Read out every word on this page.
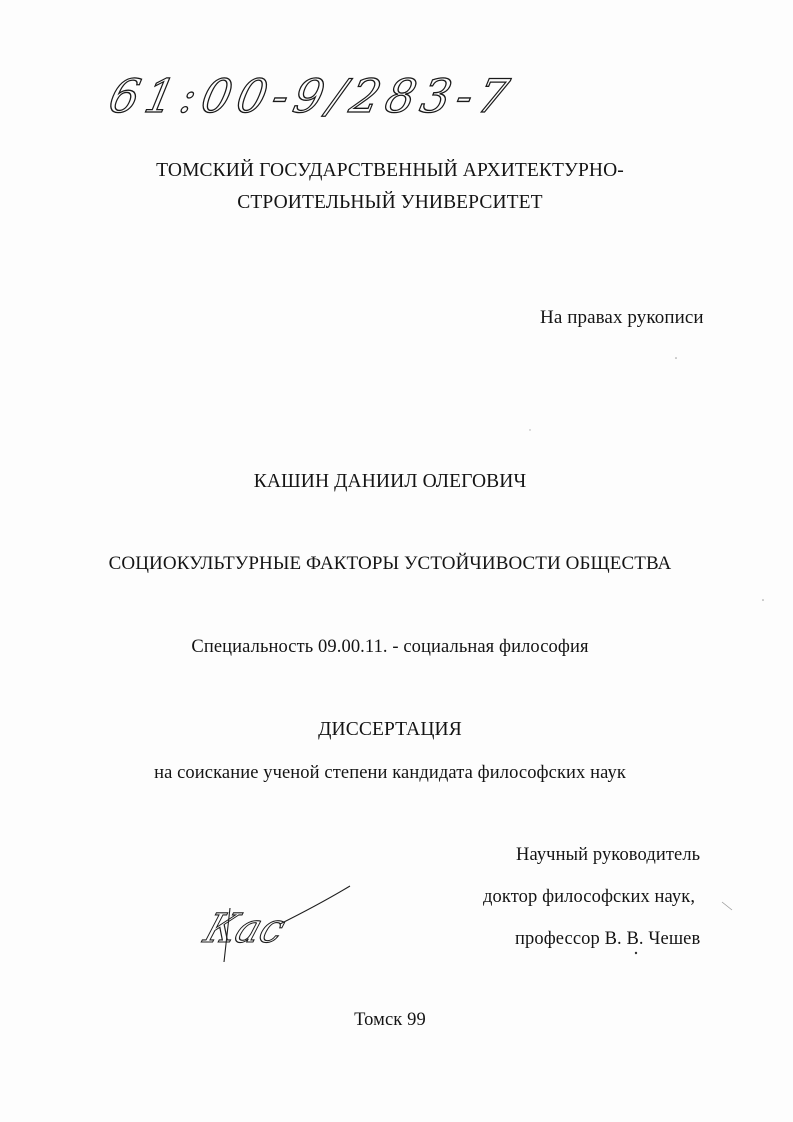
61:00-9/283-7
ТОМСКИЙ ГОСУДАРСТВЕННЫЙ АРХИТЕКТУРНО-
СТРОИТЕЛЬНЫЙ УНИВЕРСИТЕТ
На правах рукописи
КАШИН ДАНИИЛ ОЛЕГОВИЧ
СОЦИОКУЛЬТУРНЫЕ ФАКТОРЫ УСТОЙЧИВОСТИ ОБЩЕСТВА
Специальность 09.00.11. - социальная философия
ДИССЕРТАЦИЯ
на соискание ученой степени кандидата философских наук
Научный руководитель
доктор философских наук,
профессор В. В. Чешев
Кас
Томск 99
